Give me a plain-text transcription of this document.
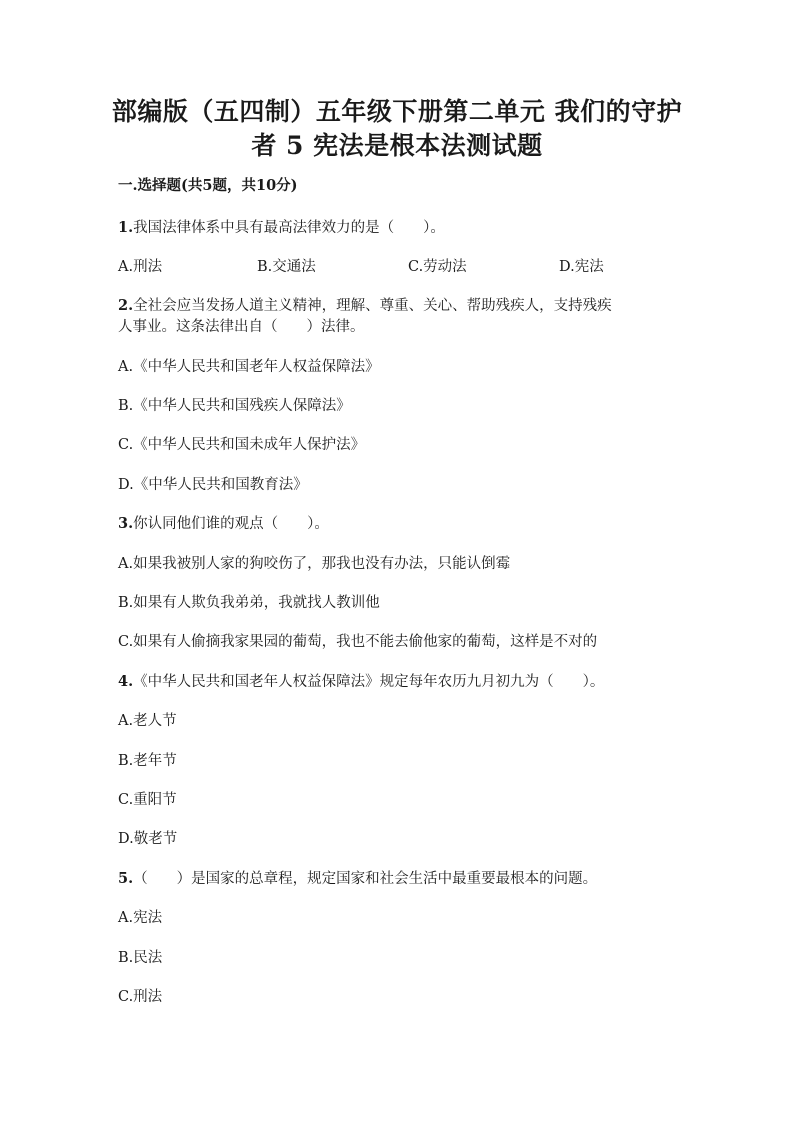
部编版（五四制）五年级下册第二单元 我们的守护
者 5 宪法是根本法测试题
一.选择题(共5题，共10分)
1.我国法律体系中具有最高法律效力的是（　　）。
A.刑法	B.交通法	C.劳动法	D.宪法
2.全社会应当发扬人道主义精神，理解、尊重、关心、帮助残疾人，支持残疾
人事业。这条法律出自（　　）法律。
A.《中华人民共和国老年人权益保障法》
B.《中华人民共和国残疾人保障法》
C.《中华人民共和国未成年人保护法》
D.《中华人民共和国教育法》
3.你认同他们谁的观点（　　）。
A.如果我被别人家的狗咬伤了，那我也没有办法，只能认倒霉
B.如果有人欺负我弟弟，我就找人教训他
C.如果有人偷摘我家果园的葡萄，我也不能去偷他家的葡萄，这样是不对的
4.《中华人民共和国老年人权益保障法》规定每年农历九月初九为（　　）。
A.老人节
B.老年节
C.重阳节
D.敬老节
5.（　　）是国家的总章程，规定国家和社会生活中最重要最根本的问题。
A.宪法
B.民法
C.刑法
